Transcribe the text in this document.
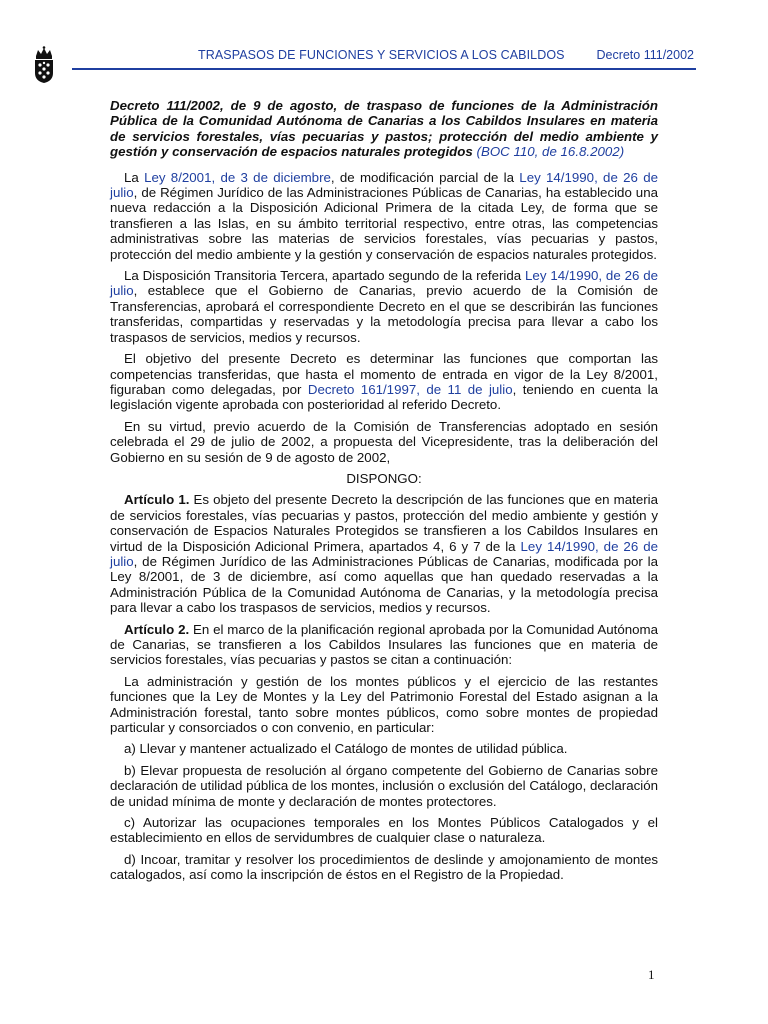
TRASPASOS DE FUNCIONES Y SERVICIOS A LOS CABILDOS	Decreto 111/2002
Decreto 111/2002, de 9 de agosto, de traspaso de funciones de la Administración Pública de la Comunidad Autónoma de Canarias a los Cabildos Insulares en materia de servicios forestales, vías pecuarias y pastos; protección del medio ambiente y gestión y conservación de espacios naturales protegidos (BOC 110, de 16.8.2002)

La Ley 8/2001, de 3 de diciembre, de modificación parcial de la Ley 14/1990, de 26 de julio, de Régimen Jurídico de las Administraciones Públicas de Canarias, ha establecido una nueva redacción a la Disposición Adicional Primera de la citada Ley, de forma que se transfieren a las Islas, en su ámbito territorial respectivo, entre otras, las competencias administrativas sobre las materias de servicios forestales, vías pecuarias y pastos, protección del medio ambiente y la gestión y conservación de espacios naturales protegidos.

La Disposición Transitoria Tercera, apartado segundo de la referida Ley 14/1990, de 26 de julio, establece que el Gobierno de Canarias, previo acuerdo de la Comisión de Transferencias, aprobará el correspondiente Decreto en el que se describirán las funciones transferidas, compartidas y reservadas y la metodología precisa para llevar a cabo los traspasos de servicios, medios y recursos.

El objetivo del presente Decreto es determinar las funciones que comportan las competencias transferidas, que hasta el momento de entrada en vigor de la Ley 8/2001, figuraban como delegadas, por Decreto 161/1997, de 11 de julio, teniendo en cuenta la legislación vigente aprobada con posterioridad al referido Decreto.

En su virtud, previo acuerdo de la Comisión de Transferencias adoptado en sesión celebrada el 29 de julio de 2002, a propuesta del Vicepresidente, tras la deliberación del Gobierno en su sesión de 9 de agosto de 2002,

DISPONGO:

Artículo 1. Es objeto del presente Decreto la descripción de las funciones que en materia de servicios forestales, vías pecuarias y pastos, protección del medio ambiente y gestión y conservación de Espacios Naturales Protegidos se transfieren a los Cabildos Insulares en virtud de la Disposición Adicional Primera, apartados 4, 6 y 7 de la Ley 14/1990, de 26 de julio, de Régimen Jurídico de las Administraciones Públicas de Canarias, modificada por la Ley 8/2001, de 3 de diciembre, así como aquellas que han quedado reservadas a la Administración Pública de la Comunidad Autónoma de Canarias, y la metodología precisa para llevar a cabo los traspasos de servicios, medios y recursos.

Artículo 2. En el marco de la planificación regional aprobada por la Comunidad Autónoma de Canarias, se transfieren a los Cabildos Insulares las funciones que en materia de servicios forestales, vías pecuarias y pastos se citan a continuación:

La administración y gestión de los montes públicos y el ejercicio de las restantes funciones que la Ley de Montes y la Ley del Patrimonio Forestal del Estado asignan a la Administración forestal, tanto sobre montes públicos, como sobre montes de propiedad particular y consorciados o con convenio, en particular:

a) Llevar y mantener actualizado el Catálogo de montes de utilidad pública.

b) Elevar propuesta de resolución al órgano competente del Gobierno de Canarias sobre declaración de utilidad pública de los montes, inclusión o exclusión del Catálogo, declaración de unidad mínima de monte y declaración de montes protectores.

c) Autorizar las ocupaciones temporales en los Montes Públicos Catalogados y el establecimiento en ellos de servidumbres de cualquier clase o naturaleza.

d) Incoar, tramitar y resolver los procedimientos de deslinde y amojonamiento de montes catalogados, así como la inscripción de éstos en el Registro de la Propiedad.

1
